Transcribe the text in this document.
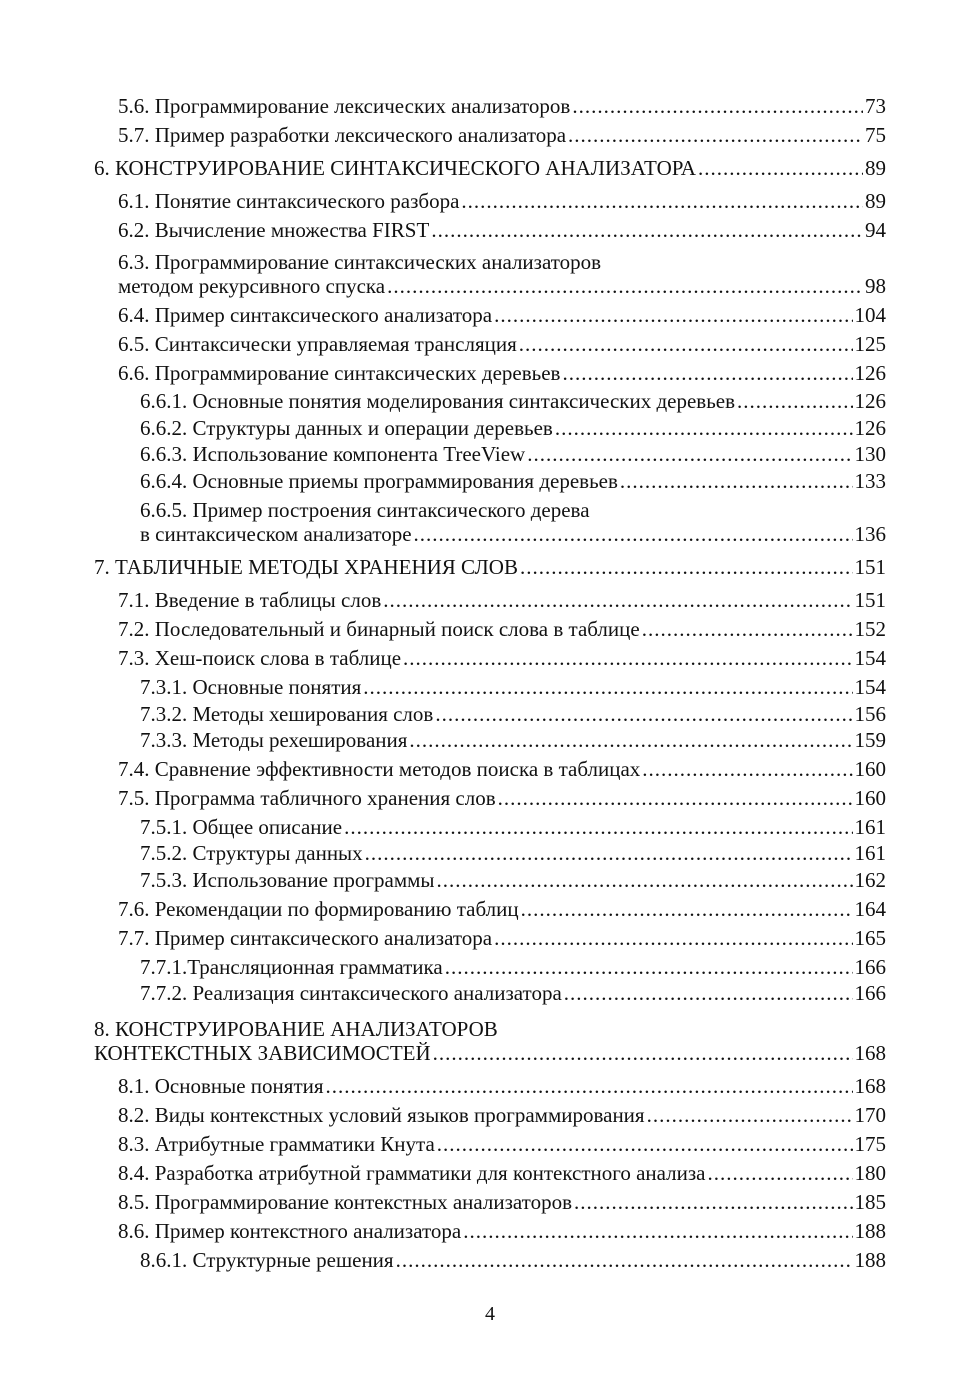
5.6. Программирование лексических анализаторов .....	73
5.7. Пример разработки лексического анализатора .....	75
6. КОНСТРУИРОВАНИЕ СИНТАКСИЧЕСКОГО АНАЛИЗАТОРА .....	89
6.1. Понятие синтаксического разбора .....	89
6.2. Вычисление множества FIRST .....	94
6.3. Программирование синтаксических анализаторов
методом рекурсивного спуска .....	98
6.4. Пример синтаксического анализатора .....	104
6.5. Синтаксически управляемая трансляция .....	125
6.6. Программирование синтаксических деревьев .....	126
6.6.1. Основные понятия моделирования синтаксических деревьев .....	126
6.6.2. Структуры данных и операции деревьев .....	126
6.6.3. Использование компонента TreeView .....	130
6.6.4. Основные приемы программирования деревьев .....	133
6.6.5. Пример построения синтаксического дерева
в синтаксическом анализаторе .....	136
7. ТАБЛИЧНЫЕ МЕТОДЫ ХРАНЕНИЯ СЛОВ .....	151
7.1. Введение в таблицы слов .....	151
7.2. Последовательный и бинарный поиск слова в таблице .....	152
7.3. Хеш-поиск слова в таблице .....	154
7.3.1. Основные понятия .....	154
7.3.2. Методы хеширования слов .....	156
7.3.3. Методы рехеширования .....	159
7.4. Сравнение эффективности методов поиска в таблицах .....	160
7.5. Программа табличного хранения слов .....	160
7.5.1. Общее описание .....	161
7.5.2. Структуры данных .....	161
7.5.3. Использование программы .....	162
7.6. Рекомендации по формированию таблиц .....	164
7.7. Пример синтаксического анализатора .....	165
7.7.1.Трансляционная грамматика .....	166
7.7.2. Реализация синтаксического анализатора .....	166
8. КОНСТРУИРОВАНИЕ АНАЛИЗАТОРОВ
КОНТЕКСТНЫХ ЗАВИСИМОСТЕЙ .....	168
8.1. Основные понятия .....	168
8.2. Виды контекстных условий языков программирования .....	170
8.3. Атрибутные грамматики Кнута .....	175
8.4. Разработка атрибутной грамматики для контекстного анализа .....	180
8.5. Программирование контекстных анализаторов .....	185
8.6. Пример контекстного анализатора .....	188
8.6.1. Структурные решения .....	188
4
